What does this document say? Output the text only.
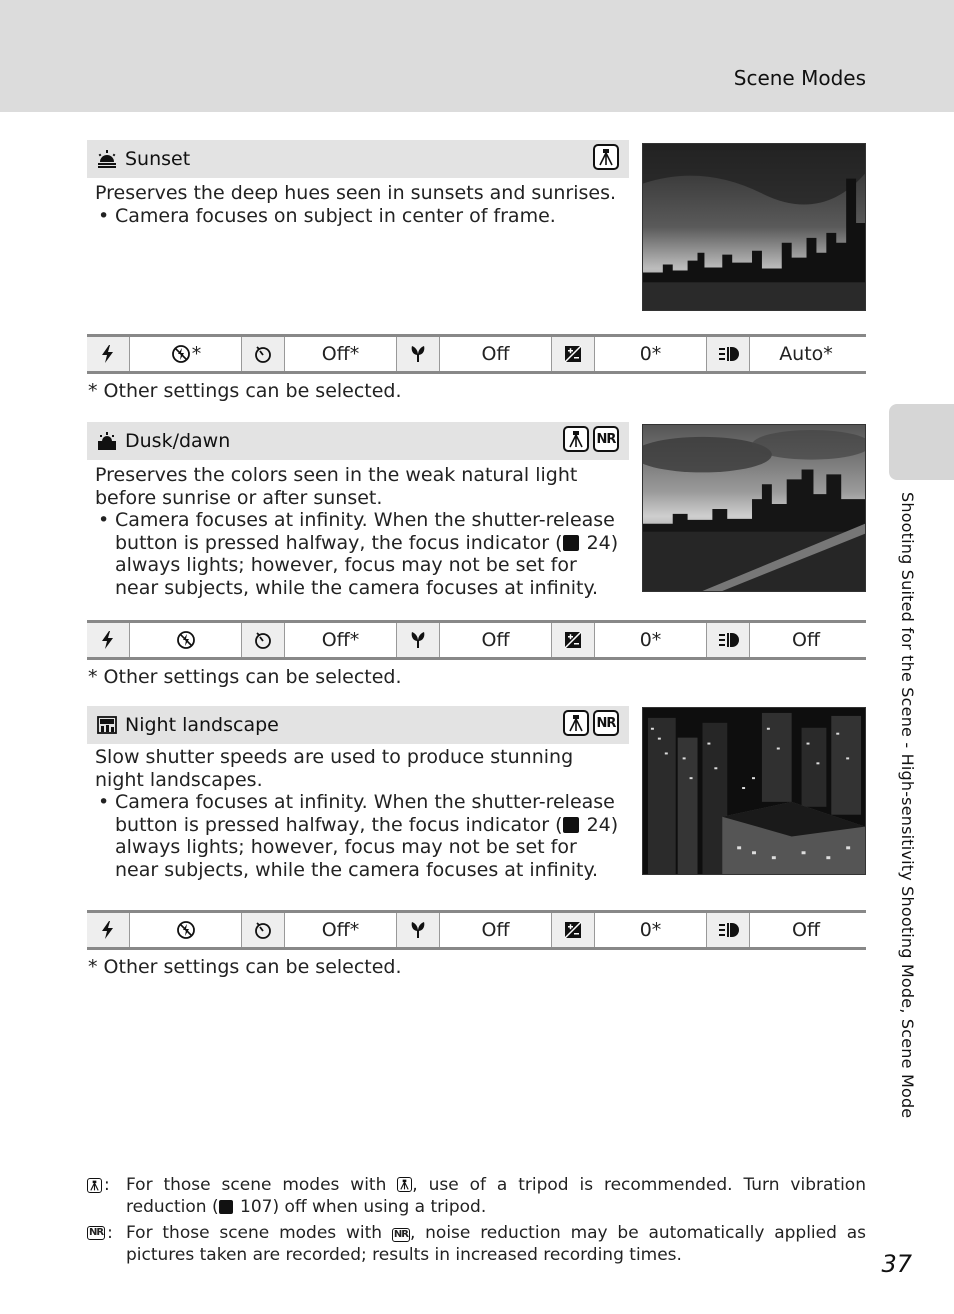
Scene Modes
Shooting Suited for the Scene - High-sensitivity Shooting Mode, Scene Mode
Sunset

Preserves the deep hues seen in sunsets and sunrises.

• Camera focuses on subject in center of frame.

*	Off*	Off	0*	Auto*
* Other settings can be selected.
Dusk/dawn	NR

Preserves the colors seen in the weak natural light before sunrise or after sunset.

• Camera focuses at infinity. When the shutter-release button is pressed halfway, the focus indicator ( 24) always lights; however, focus may not be set for near subjects, while the camera focuses at infinity.

Off*	Off	0*	Off
* Other settings can be selected.
Night landscape	NR

Slow shutter speeds are used to produce stunning night landscapes.

• Camera focuses at infinity. When the shutter-release button is pressed halfway, the focus indicator ( 24) always lights; however, focus may not be set for near subjects, while the camera focuses at infinity.

Off*	Off	0*	Off
* Other settings can be selected.
: For those scene modes with , use of a tripod is recommended. Turn vibration reduction ( 107) off when using a tripod.
NR : For those scene modes with NR , noise reduction may be automatically applied as pictures taken are recorded; results in increased recording times.	37
